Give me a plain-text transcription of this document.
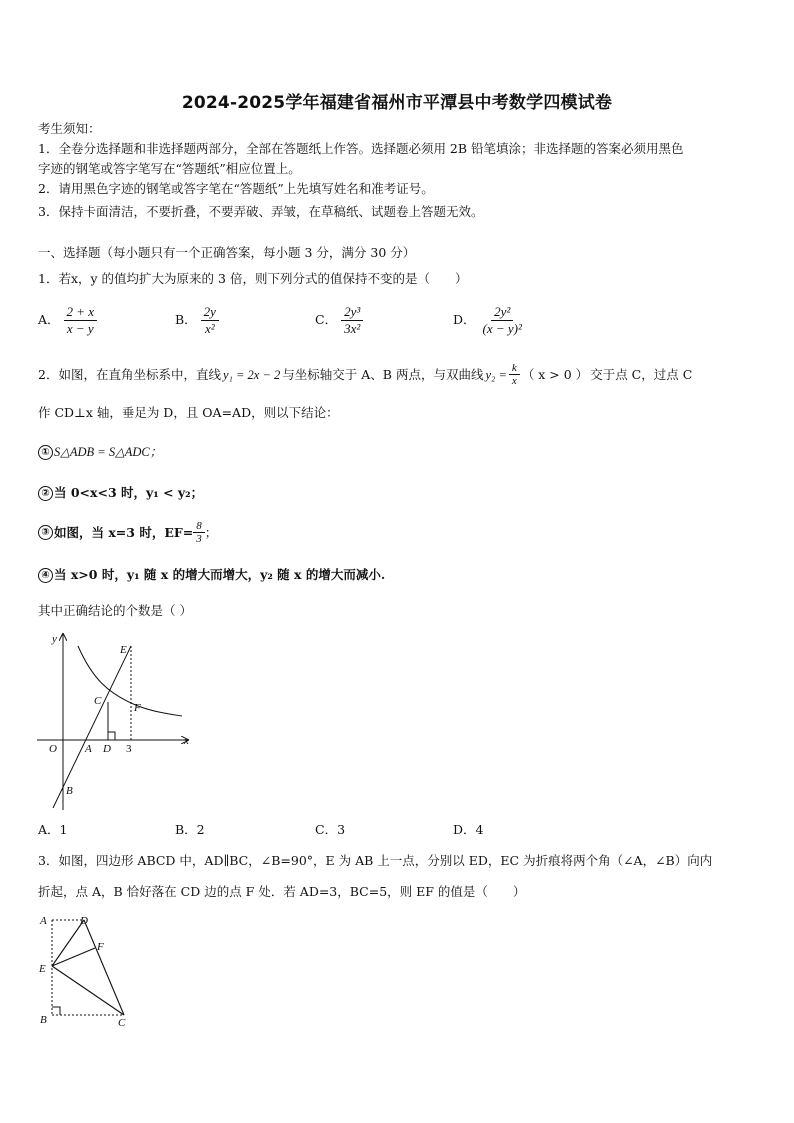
2024-2025学年福建省福州市平潭县中考数学四模试卷
考生须知：
1．全卷分选择题和非选择题两部分，全部在答题纸上作答。选择题必须用 2B 铅笔填涂；非选择题的答案必须用黑色
字迹的钢笔或答字笔写在“答题纸”相应位置上。
2．请用黑色字迹的钢笔或答字笔在“答题纸”上先填写姓名和准考证号。
3．保持卡面清洁，不要折叠，不要弄破、弄皱，在草稿纸、试题卷上答题无效。
一、选择题（每小题只有一个正确答案，每小题 3 分，满分 30 分）
1．若x，y 的值均扩大为原来的 3 倍，则下列分式的值保持不变的是（　　）
A． $\frac{2 + x}{x - y}$	B． $\frac{2y}{\text{x²}}$	C． $\frac{\text{2y³}}{\text{3x²}}$	D． $\frac{\text{2y²}}{\text{(x − y)²}}$
2．如图，在直角坐标系中，直线 y₁ = 2x − 2 与坐标轴交于 A、B 两点，与双曲线 $y_2 = \frac{k}{x}$ （ x > 0 ） 交于点 C，过点 C
作 CD⊥x 轴，垂足为 D，且 OA=AD，则以下结论：
① S△ADB = S△ADC；
② 当 0<x<3 时，y₁ < y₂；
③ 如图，当 x=3 时，$EF= \frac{8}{3}$ ；
④ 当 x>0 时，y₁ 随 x 的增大而增大，y₂ 随 x 的增大而减小.
其中正确结论的个数是（ ）
y
x
O	A D 3
B
C
E
F
A．1	B．2	C．3	D．4
3．如图，四边形 ABCD 中，AD∥BC，∠B=90°，E 为 AB 上一点，分别以 ED，EC 为折痕将两个角（∠A，∠B）向内
折起，点 A，B 恰好落在 CD 边的点 F 处．若 AD=3，BC=5，则 EF 的值是（　　）
A	D
F
E
B	C
